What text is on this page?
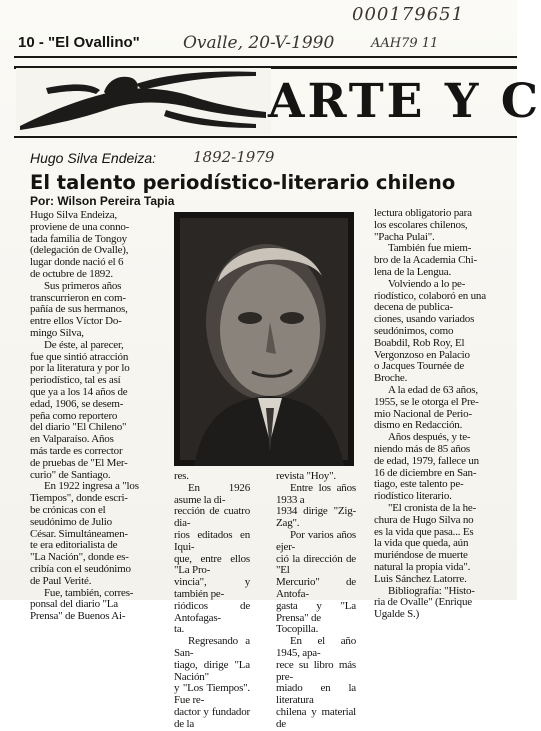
000179651
10 - "El Ovallino"	Ovalle, 20-V-1990	AAH79 11
ARTE Y C
Hugo Silva Endeiza: 1892-1979
El talento periodístico-literario chileno
Por: Wilson Pereira Tapia

Hugo Silva Endeiza,
proviene de una conno-
tada familia de Tongoy
(delegación de Ovalle),
lugar donde nació el 6
de octubre de 1892.

Sus primeros años
transcurrieron en com-
pañía de sus hermanos,
entre ellos Víctor Do-
mingo Silva,

De éste, al parecer,
fue que sintió atracción
por la literatura y por lo
periodístico, tal es así
que ya a los 14 años de
edad, 1906, se desem-
peña como reportero
del diario "El Chileno"
en Valparaíso. Años
más tarde es corrector
de pruebas de "El Mer-
curio" de Santiago.

En 1922 ingresa a "los
Tiempos", donde escri-
be crónicas con el
seudónimo de Julio
César. Simultáneamen-
te era editorialista de
"La Nación", donde es-
cribía con el seudónimo
de Paul Verité.

Fue, también, corres-
ponsal del diario "La
Prensa" de Buenos Ai-

res.

En 1926 asume la di-
rección de cuatro dia-
rios editados en Iqui-
que, entre ellos "La Pro-
vincia", y también pe-
riódicos de Antofagas-
ta.

Regresando a San-
tiago, dirige "La Nación"
y "Los Tiempos". Fue re-
dactor y fundador de la

revista "Hoy".

Entre los años 1933 a
1934 dirige "Zig-Zag".

Por varios años ejer-
ció la dirección de "El
Mercurio" de Antofa-
gasta y "La Prensa" de
Tocopilla.

En el año 1945, apa-
rece su libro más pre-
miado en la literatura
chilena y material de

lectura obligatorio para
los escolares chilenos,
"Pacha Pulai".

También fue miem-
bro de la Academia Chi-
lena de la Lengua.

Volviendo a lo pe-
riodístico, colaboró en una
decena de publica-
ciones, usando variados
seudónimos, como
Boabdil, Rob Roy, El
Vergonzoso en Palacio
o Jacques Tournée de
Broche.

A la edad de 63 años,
1955, se le otorga el Pre-
mio Nacional de Perio-
dismo en Redacción.

Años después, y te-
niendo más de 85 años
de edad, 1979, fallece un
16 de diciembre en San-
tiago, este talento pe-
riodístico literario.

"El cronista de la he-
chura de Hugo Silva no
es la vida que pasa... Es
la vida que queda, aún
muriéndose de muerte
natural la propia vida".
Luis Sánchez Latorre.

Bibliografía: "Histo-
ria de Ovalle" (Enrique
Ugalde S.)
